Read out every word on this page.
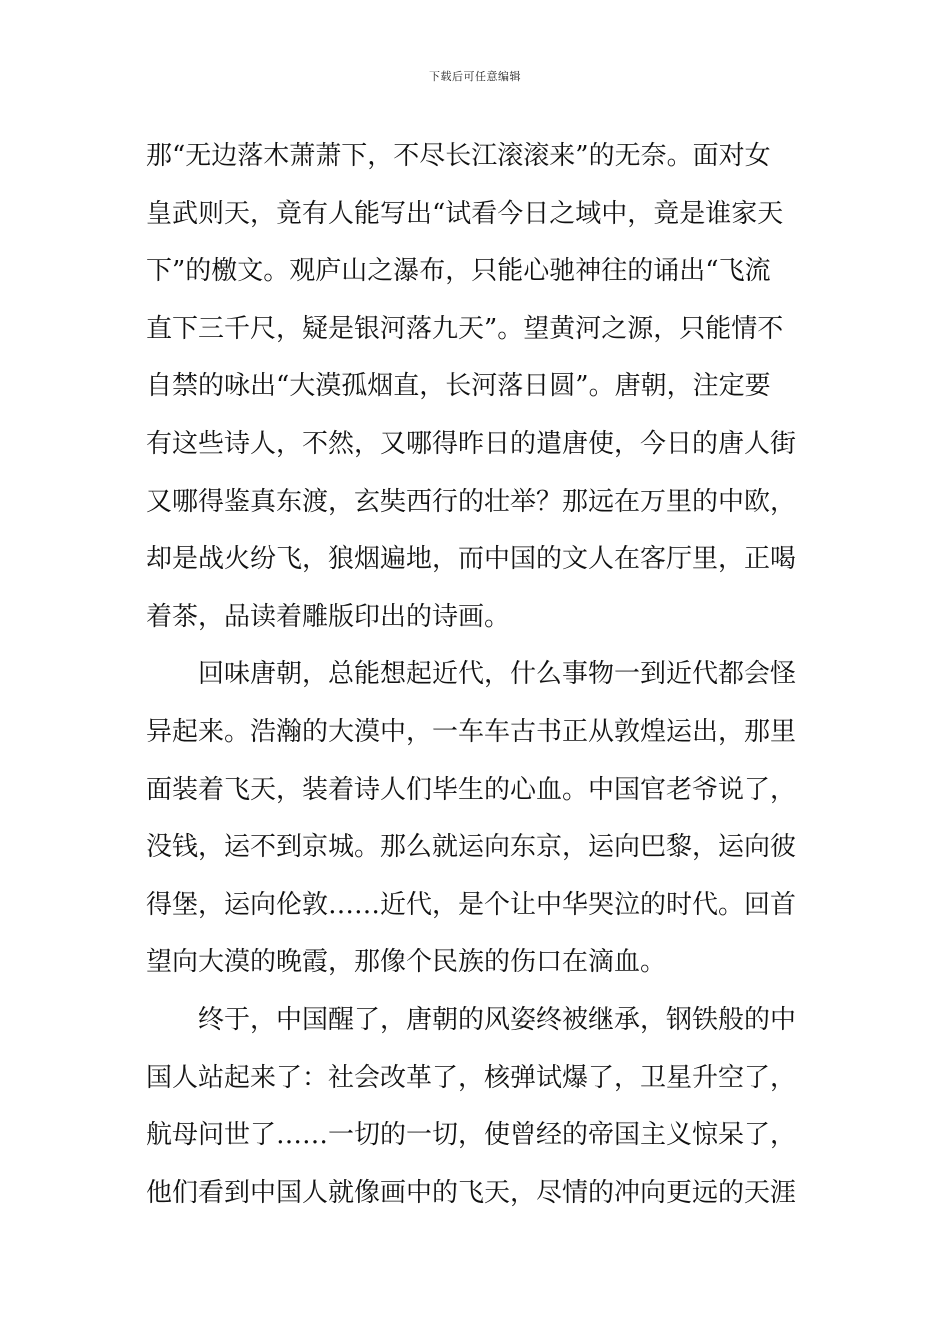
下载后可任意编辑
那“无边落木萧萧下，不尽长江滚滚来”的无奈。面对女
皇武则天，竟有人能写出“试看今日之域中，竟是谁家天
下”的檄文。观庐山之瀑布，只能心驰神往的诵出“飞流
直下三千尺，疑是银河落九天”。望黄河之源，只能情不
自禁的咏出“大漠孤烟直，长河落日圆”。唐朝，注定要
有这些诗人，不然，又哪得昨日的遣唐使，今日的唐人街
又哪得鉴真东渡，玄奘西行的壮举？那远在万里的中欧，
却是战火纷飞，狼烟遍地，而中国的文人在客厅里，正喝
着茶，品读着雕版印出的诗画。
回味唐朝，总能想起近代，什么事物一到近代都会怪
异起来。浩瀚的大漠中，一车车古书正从敦煌运出，那里
面装着飞天，装着诗人们毕生的心血。中国官老爷说了，
没钱，运不到京城。那么就运向东京，运向巴黎，运向彼
得堡，运向伦敦……近代，是个让中华哭泣的时代。回首
望向大漠的晚霞，那像个民族的伤口在滴血。
终于，中国醒了，唐朝的风姿终被继承，钢铁般的中
国人站起来了：社会改革了，核弹试爆了，卫星升空了，
航母问世了……一切的一切，使曾经的帝国主义惊呆了，
他们看到中国人就像画中的飞天，尽情的冲向更远的天涯
